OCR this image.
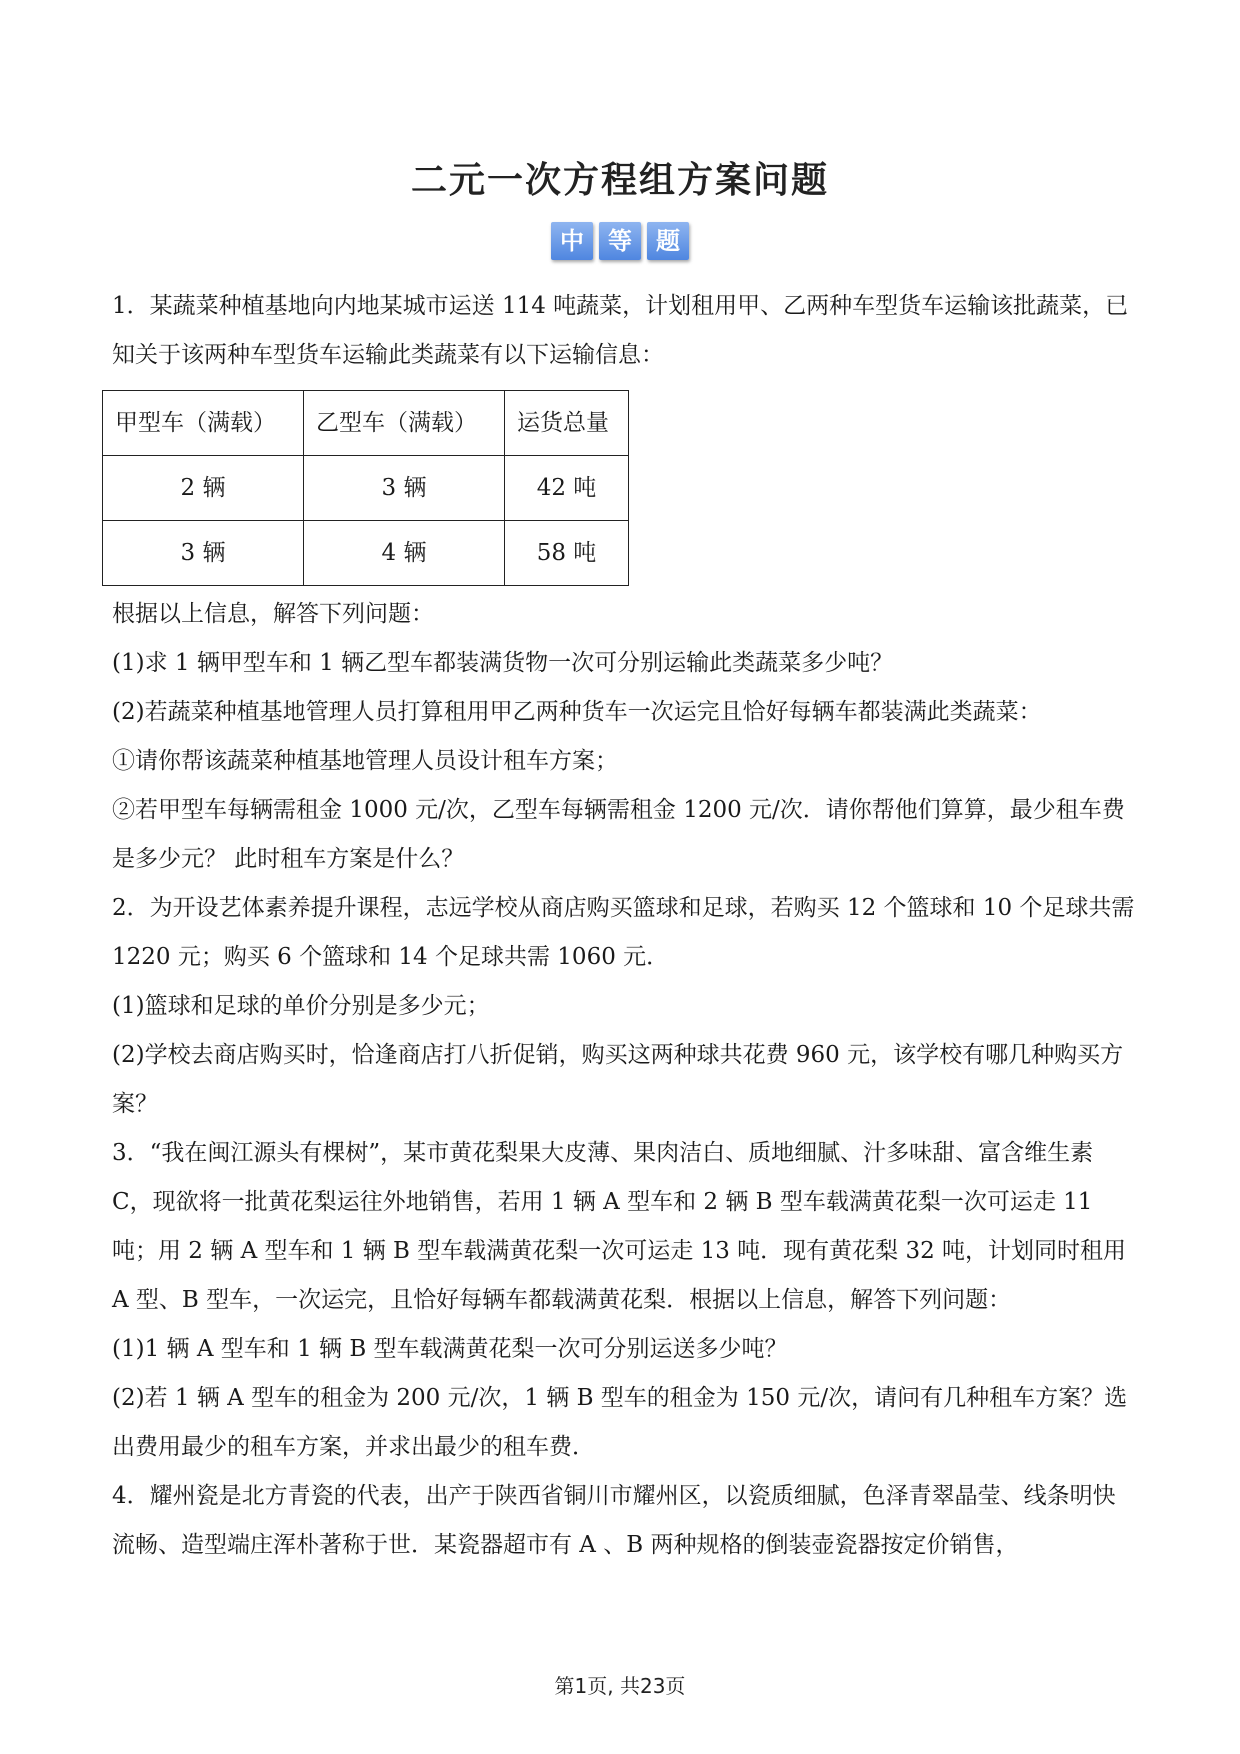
二元一次方程组方案问题
中	等	题

1．某蔬菜种植基地向内地某城市运送 114 吨蔬菜，计划租用甲、乙两种车型货车运输该批蔬菜，已知关于该两种车型货车运输此类蔬菜有以下运输信息：

甲型车（满载）	乙型车（满载）	运货总量
2 辆	3 辆	42 吨
3 辆	4 辆	58 吨

根据以上信息，解答下列问题：

(1)求 1 辆甲型车和 1 辆乙型车都装满货物一次可分别运输此类蔬菜多少吨？

(2)若蔬菜种植基地管理人员打算租用甲乙两种货车一次运完且恰好每辆车都装满此类蔬菜：

①请你帮该蔬菜种植基地管理人员设计租车方案；

②若甲型车每辆需租金 1000 元/次，乙型车每辆需租金 1200 元/次．请你帮他们算算，最少租车费是多少元？ 此时租车方案是什么？

2．为开设艺体素养提升课程，志远学校从商店购买篮球和足球，若购买 12 个篮球和 10 个足球共需 1220 元；购买 6 个篮球和 14 个足球共需 1060 元．

(1)篮球和足球的单价分别是多少元；

(2)学校去商店购买时，恰逢商店打八折促销，购买这两种球共花费 960 元，该学校有哪几种购买方案？

3．“我在闽江源头有棵树”，某市黄花梨果大皮薄、果肉洁白、质地细腻、汁多味甜、富含维生素 C，现欲将一批黄花梨运往外地销售，若用 1 辆 A 型车和 2 辆 B 型车载满黄花梨一次可运走 11 吨；用 2 辆 A 型车和 1 辆 B 型车载满黄花梨一次可运走 13 吨．现有黄花梨 32 吨，计划同时租用 A 型、B 型车，一次运完，且恰好每辆车都载满黄花梨．根据以上信息，解答下列问题：

(1)1 辆 A 型车和 1 辆 B 型车载满黄花梨一次可分别运送多少吨？

(2)若 1 辆 A 型车的租金为 200 元/次，1 辆 B 型车的租金为 150 元/次，请问有几种租车方案？选出费用最少的租车方案，并求出最少的租车费．

4．耀州瓷是北方青瓷的代表，出产于陕西省铜川市耀州区，以瓷质细腻，色泽青翠晶莹、线条明快流畅、造型端庄浑朴著称于世．某瓷器超市有 A 、B 两种规格的倒装壶瓷器按定价销售，

第1页, 共23页
